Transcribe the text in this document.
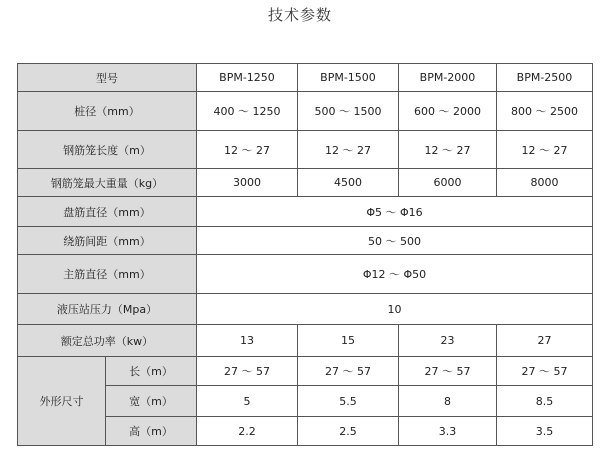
技术参数
型号		BPM-1250	BPM-1500	BPM-2000	BPM-2500
桩径（mm）		400 ～ 1250	500 ～ 1500	600 ～ 2000	800 ～ 2500
钢筋笼长度（m）		12 ～ 27	12 ～ 27	12 ～ 27	12 ～ 27
钢筋笼最大重量（kg）		3000	4500	6000	8000
盘筋直径（mm）		Φ5 ～ Φ16			
绕筋间距（mm）		50 ～ 500			
主筋直径（mm）		Φ12 ～ Φ50			
液压站压力（Mpa）		10			
额定总功率（kw）		13	15	23	27
外形尺寸	长（m）	27 ～ 57	27 ～ 57	27 ～ 57	27 ～ 57
	宽（m）	5	5.5	8	8.5
	高（m）	2.2	2.5	3.3	3.5
